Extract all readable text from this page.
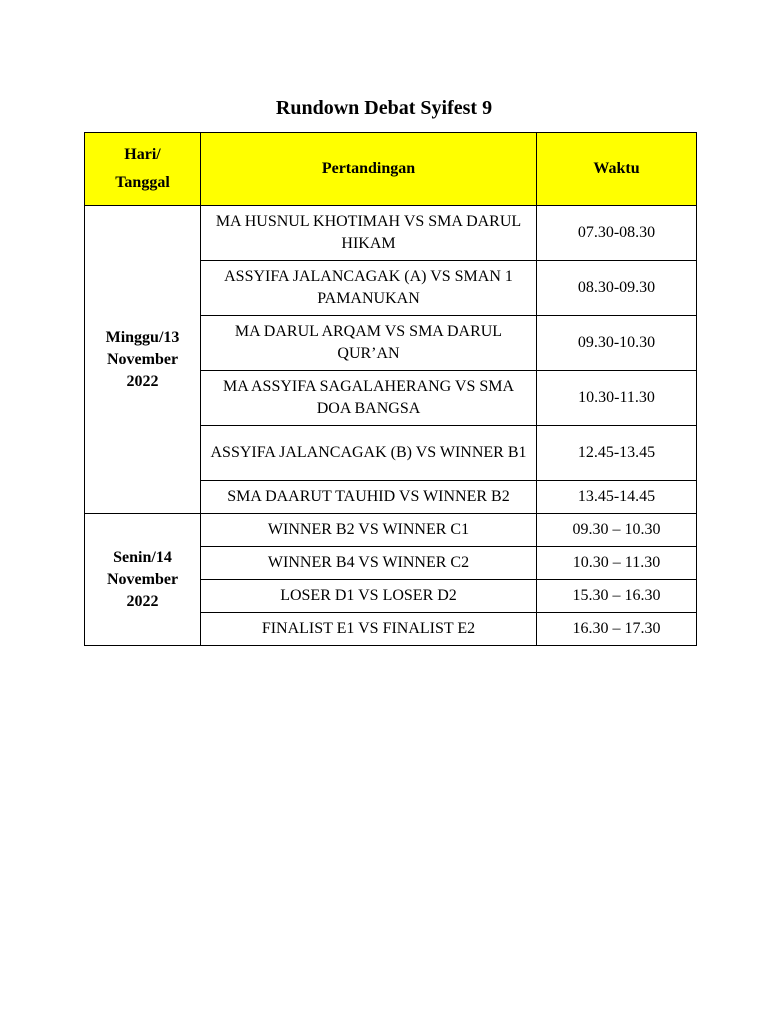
Rundown Debat Syifest 9
Hari/
Tanggal	Pertandingan	Waktu

Minggu/13
November
2022	MA HUSNUL KHOTIMAH VS SMA DARUL HIKAM	07.30-08.30
	ASSYIFA JALANCAGAK (A) VS SMAN 1 PAMANUKAN	08.30-09.30
	MA DARUL ARQAM VS SMA DARUL QUR’AN	09.30-10.30
	MA ASSYIFA SAGALAHERANG VS SMA DOA BANGSA	10.30-11.30
	ASSYIFA JALANCAGAK (B) VS WINNER B1	12.45-13.45
	SMA DAARUT TAUHID VS WINNER B2	13.45-14.45

Senin/14
November
2022	WINNER B2 VS WINNER C1	09.30 – 10.30
	WINNER B4 VS WINNER C2	10.30 – 11.30
	LOSER D1 VS LOSER D2	15.30 – 16.30
	FINALIST E1 VS FINALIST E2	16.30 – 17.30
